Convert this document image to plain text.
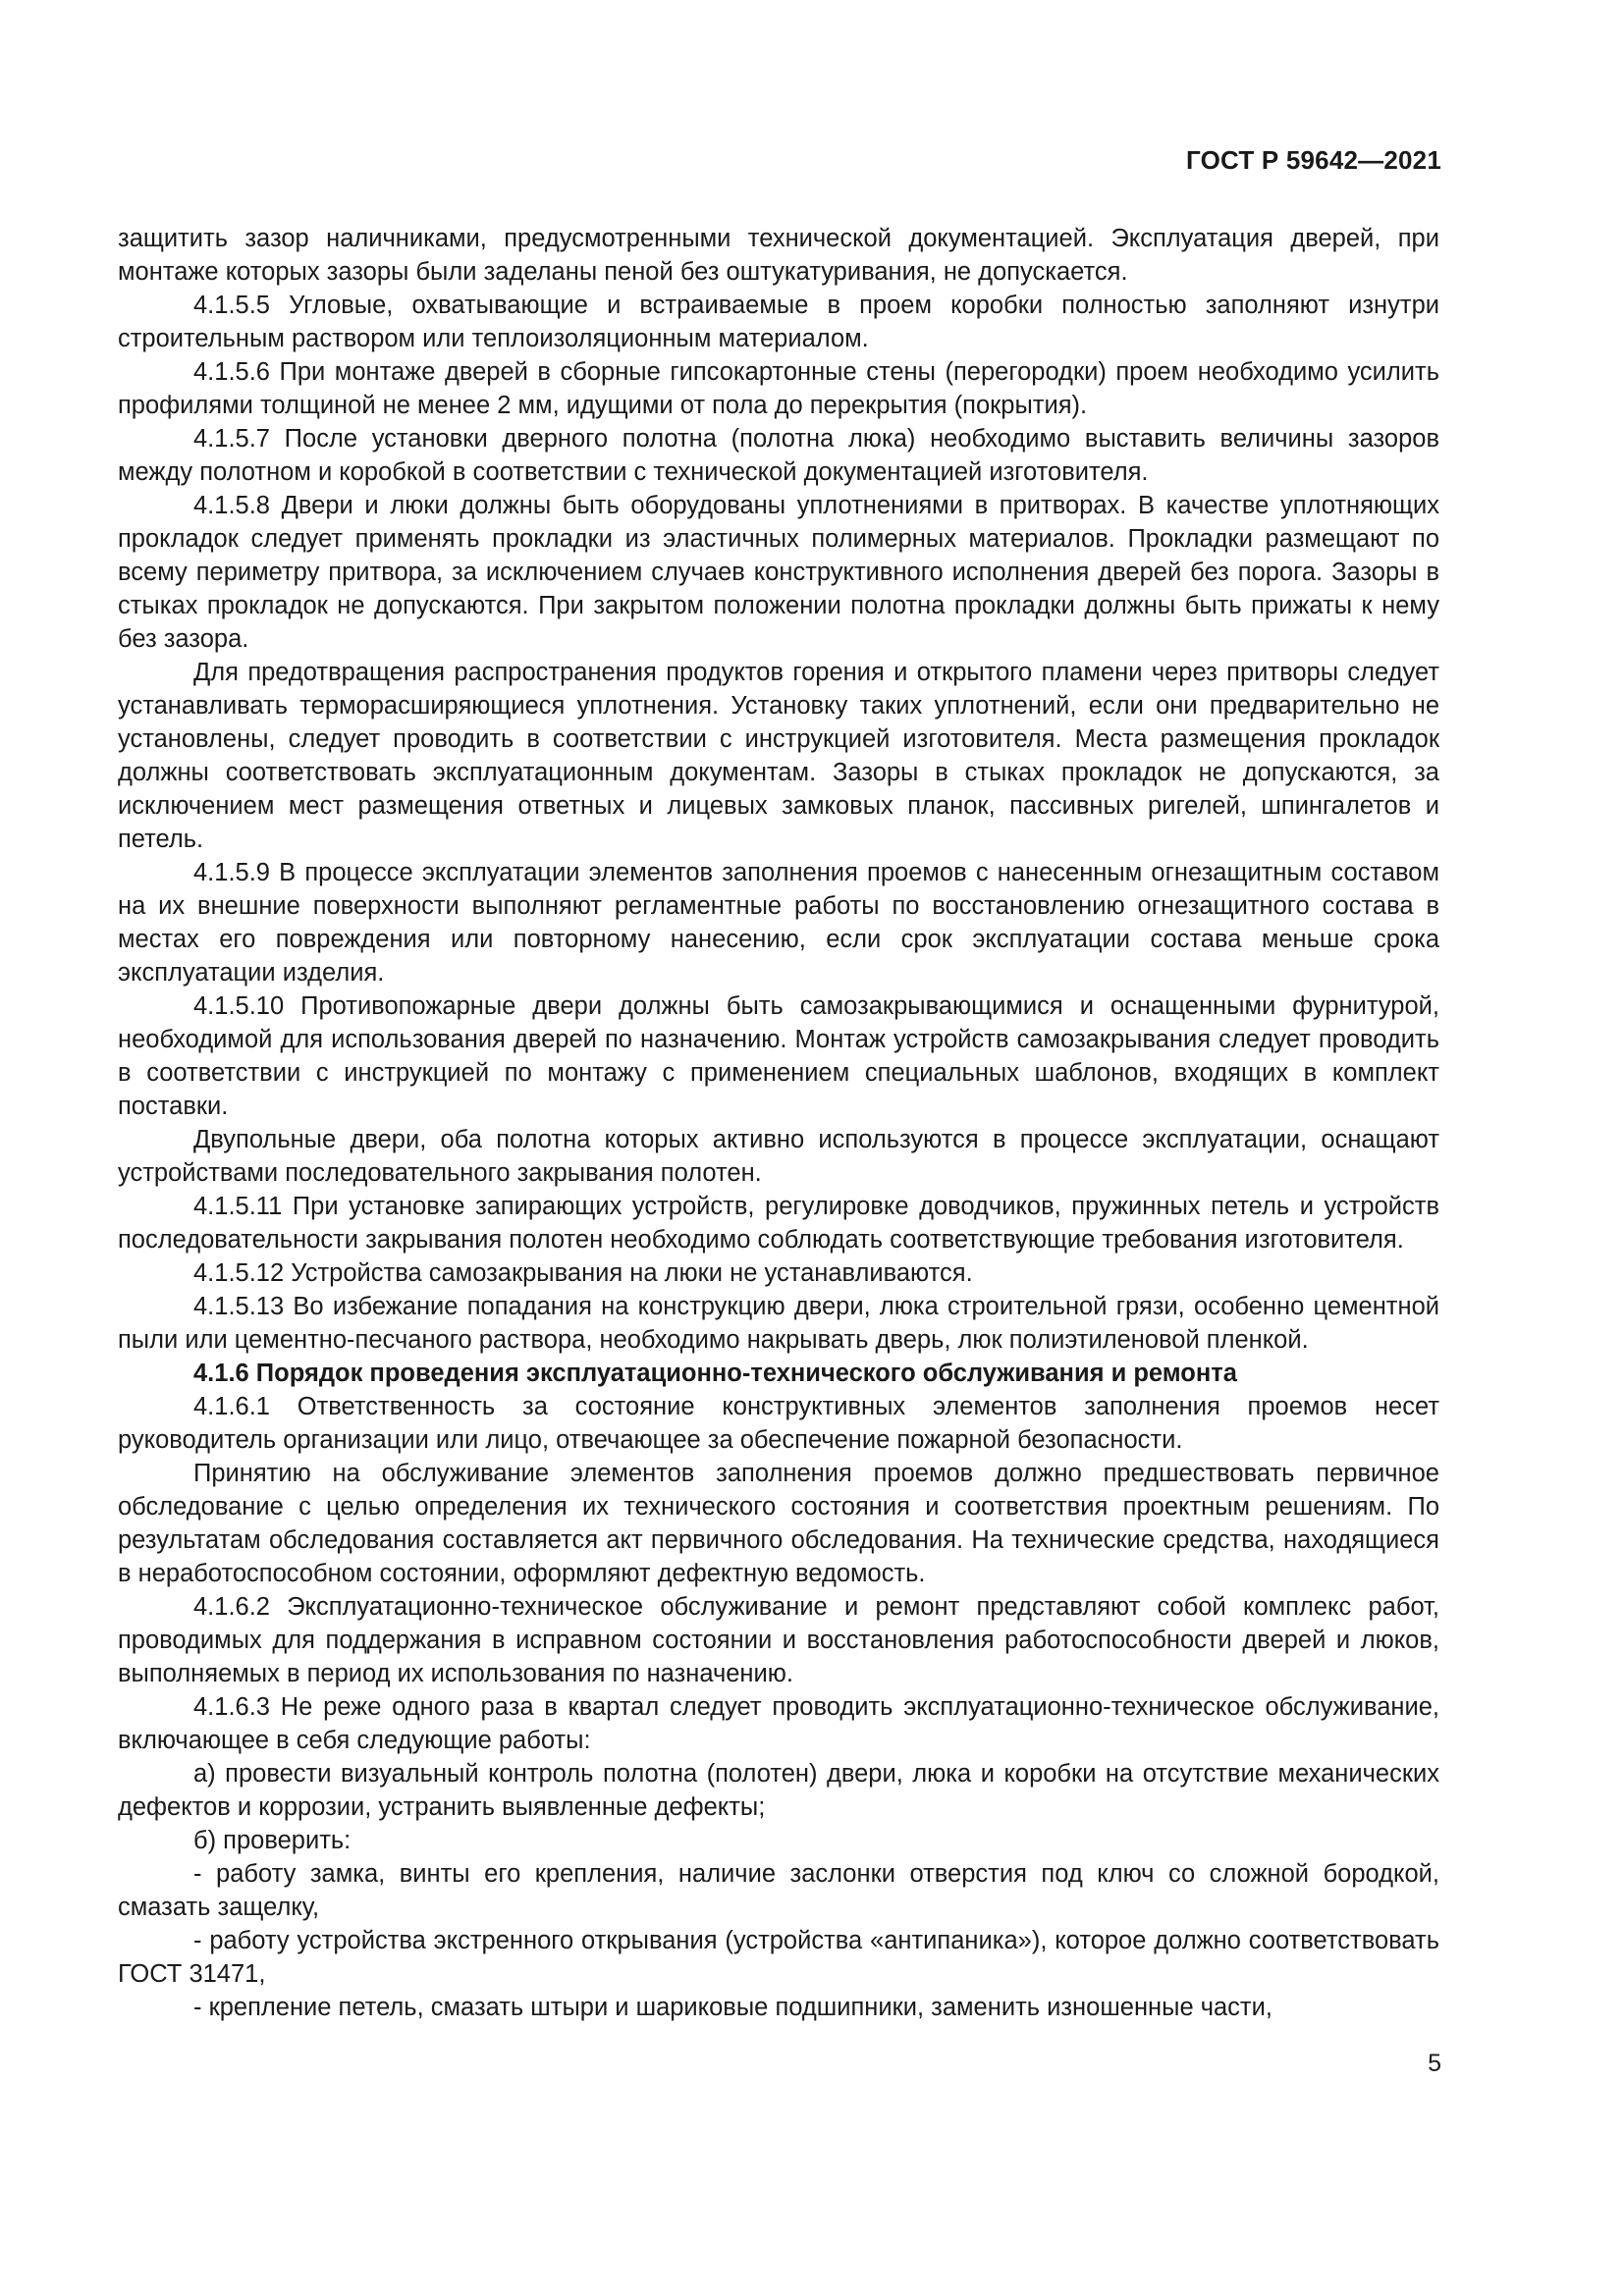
ГОСТ Р 59642—2021

защитить зазор наличниками, предусмотренными технической документацией. Эксплуатация дверей, при монтаже которых зазоры были заделаны пеной без оштукатуривания, не допускается.

4.1.5.5 Угловые, охватывающие и встраиваемые в проем коробки полностью заполняют изнутри строительным раствором или теплоизоляционным материалом.

4.1.5.6 При монтаже дверей в сборные гипсокартонные стены (перегородки) проем необходимо усилить профилями толщиной не менее 2 мм, идущими от пола до перекрытия (покрытия).

4.1.5.7 После установки дверного полотна (полотна люка) необходимо выставить величины зазоров между полотном и коробкой в соответствии с технической документацией изготовителя.

4.1.5.8 Двери и люки должны быть оборудованы уплотнениями в притворах. В качестве уплотняющих прокладок следует применять прокладки из эластичных полимерных материалов. Прокладки размещают по всему периметру притвора, за исключением случаев конструктивного исполнения дверей без порога. Зазоры в стыках прокладок не допускаются. При закрытом положении полотна прокладки должны быть прижаты к нему без зазора.

Для предотвращения распространения продуктов горения и открытого пламени через притворы следует устанавливать терморасширяющиеся уплотнения. Установку таких уплотнений, если они предварительно не установлены, следует проводить в соответствии с инструкцией изготовителя. Места размещения прокладок должны соответствовать эксплуатационным документам. Зазоры в стыках прокладок не допускаются, за исключением мест размещения ответных и лицевых замковых планок, пассивных ригелей, шпингалетов и петель.

4.1.5.9 В процессе эксплуатации элементов заполнения проемов с нанесенным огнезащитным составом на их внешние поверхности выполняют регламентные работы по восстановлению огнезащитного состава в местах его повреждения или повторному нанесению, если срок эксплуатации состава меньше срока эксплуатации изделия.

4.1.5.10 Противопожарные двери должны быть самозакрывающимися и оснащенными фурнитурой, необходимой для использования дверей по назначению. Монтаж устройств самозакрывания следует проводить в соответствии с инструкцией по монтажу с применением специальных шаблонов, входящих в комплект поставки.

Двупольные двери, оба полотна которых активно используются в процессе эксплуатации, оснащают устройствами последовательного закрывания полотен.

4.1.5.11 При установке запирающих устройств, регулировке доводчиков, пружинных петель и устройств последовательности закрывания полотен необходимо соблюдать соответствующие требования изготовителя.

4.1.5.12 Устройства самозакрывания на люки не устанавливаются.

4.1.5.13 Во избежание попадания на конструкцию двери, люка строительной грязи, особенно цементной пыли или цементно-песчаного раствора, необходимо накрывать дверь, люк полиэтиленовой пленкой.

4.1.6 Порядок проведения эксплуатационно-технического обслуживания и ремонта

4.1.6.1 Ответственность за состояние конструктивных элементов заполнения проемов несет руководитель организации или лицо, отвечающее за обеспечение пожарной безопасности.

Принятию на обслуживание элементов заполнения проемов должно предшествовать первичное обследование с целью определения их технического состояния и соответствия проектным решениям. По результатам обследования составляется акт первичного обследования. На технические средства, находящиеся в неработоспособном состоянии, оформляют дефектную ведомость.

4.1.6.2 Эксплуатационно-техническое обслуживание и ремонт представляют собой комплекс работ, проводимых для поддержания в исправном состоянии и восстановления работоспособности дверей и люков, выполняемых в период их использования по назначению.

4.1.6.3 Не реже одного раза в квартал следует проводить эксплуатационно-техническое обслуживание, включающее в себя следующие работы:

а) провести визуальный контроль полотна (полотен) двери, люка и коробки на отсутствие механических дефектов и коррозии, устранить выявленные дефекты;

б) проверить:

- работу замка, винты его крепления, наличие заслонки отверстия под ключ со сложной бородкой, смазать защелку,

- работу устройства экстренного открывания (устройства «антипаника»), которое должно соответствовать ГОСТ 31471,

- крепление петель, смазать штыри и шариковые подшипники, заменить изношенные части,

5
